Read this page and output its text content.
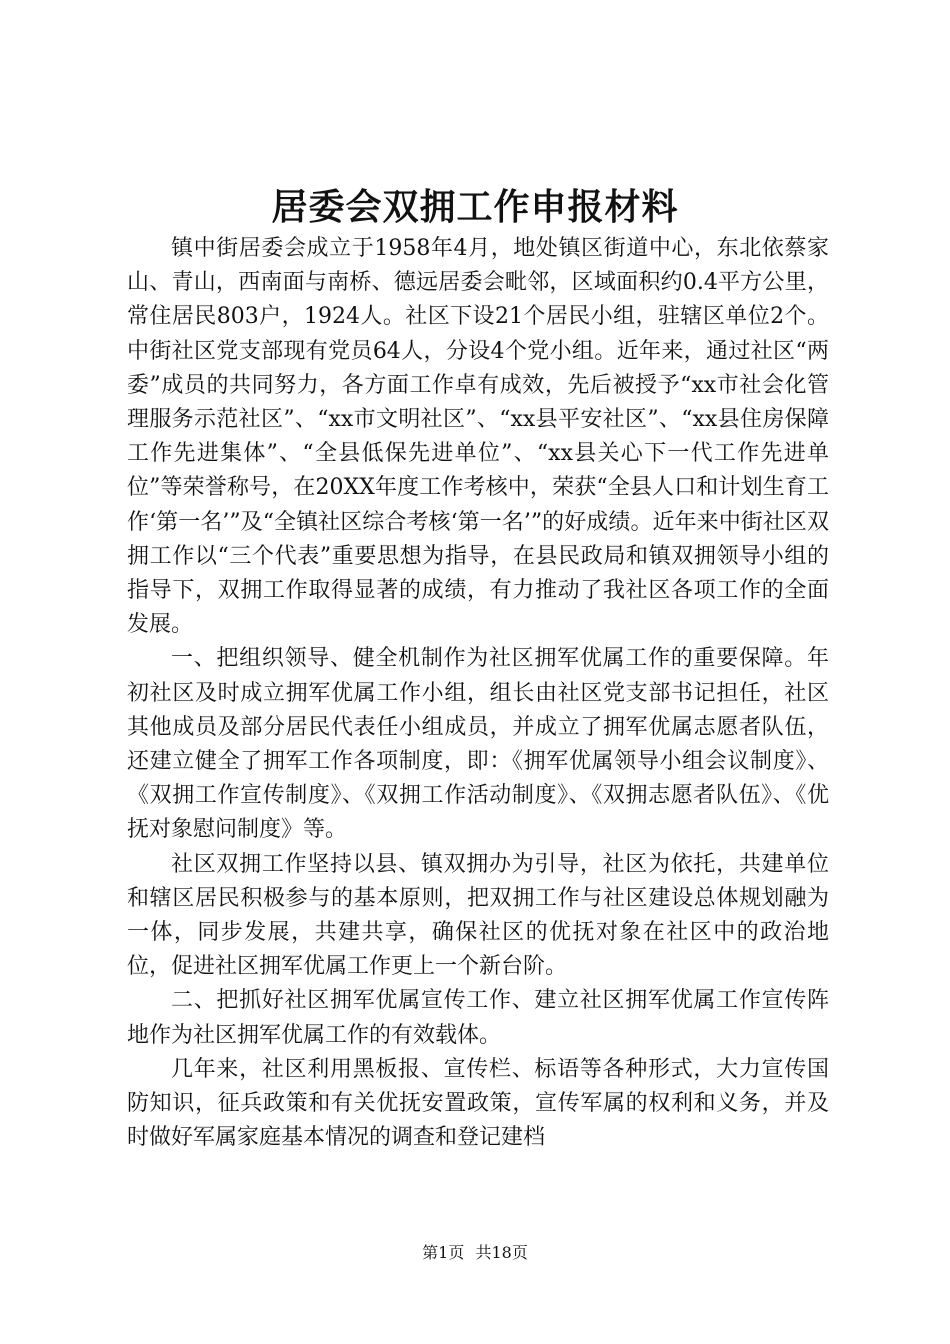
居委会双拥工作申报材料

镇中街居委会成立于1958年4月，地处镇区街道中心，东北依蔡家山、青山，西南面与南桥、德远居委会毗邻，区域面积约0.4平方公里，常住居民803户，1924人。社区下设21个居民小组，驻辖区单位2个。中街社区党支部现有党员64人，分设4个党小组。近年来，通过社区“两委”成员的共同努力，各方面工作卓有成效，先后被授予“xx市社会化管理服务示范社区”、“xx市文明社区”、“xx县平安社区”、“xx县住房保障工作先进集体”、“全县低保先进单位”、“xx县关心下一代工作先进单位”等荣誉称号，在20XX年度工作考核中，荣获“全县人口和计划生育工作‘第一名’”及“全镇社区综合考核‘第一名’”的好成绩。近年来中街社区双拥工作以“三个代表”重要思想为指导，在县民政局和镇双拥领导小组的指导下，双拥工作取得显著的成绩，有力推动了我社区各项工作的全面发展。

一、把组织领导、健全机制作为社区拥军优属工作的重要保障。年初社区及时成立拥军优属工作小组，组长由社区党支部书记担任，社区其他成员及部分居民代表任小组成员，并成立了拥军优属志愿者队伍，还建立健全了拥军工作各项制度，即：《拥军优属领导小组会议制度》、《双拥工作宣传制度》、《双拥工作活动制度》、《双拥志愿者队伍》、《优抚对象慰问制度》等。

社区双拥工作坚持以县、镇双拥办为引导，社区为依托，共建单位和辖区居民积极参与的基本原则，把双拥工作与社区建设总体规划融为一体，同步发展，共建共享，确保社区的优抚对象在社区中的政治地位，促进社区拥军优属工作更上一个新台阶。

二、把抓好社区拥军优属宣传工作、建立社区拥军优属工作宣传阵地作为社区拥军优属工作的有效载体。

几年来，社区利用黑板报、宣传栏、标语等各种形式，大力宣传国防知识，征兵政策和有关优抚安置政策，宣传军属的权利和义务，并及时做好军属家庭基本情况的调查和登记建档

第1页 共18页
